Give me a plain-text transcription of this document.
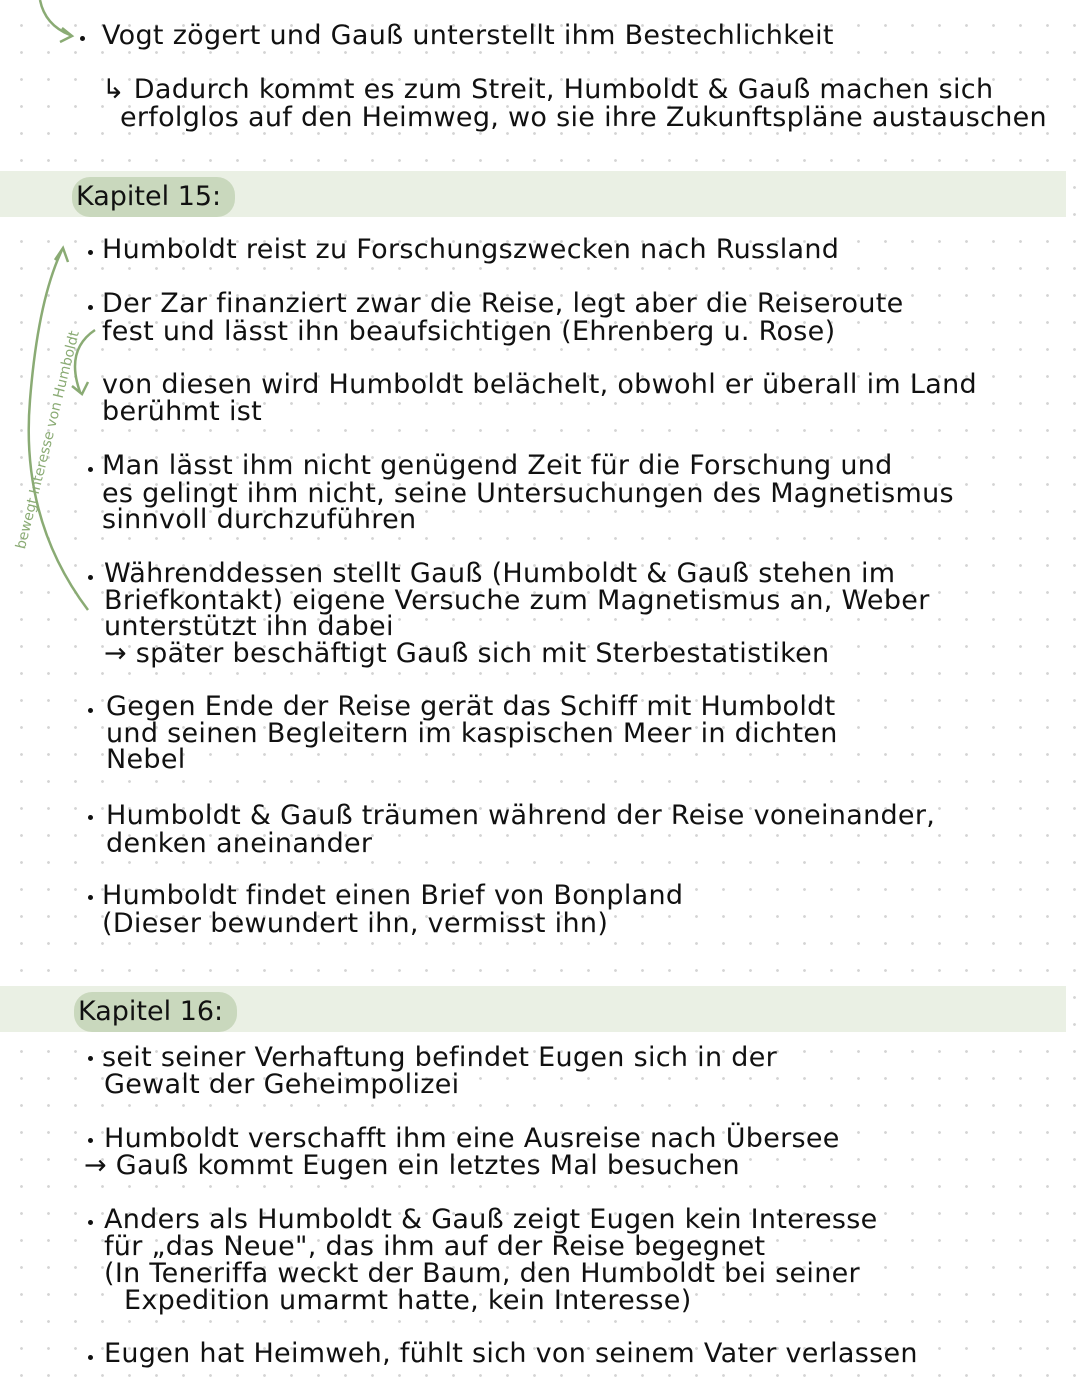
Vogt zögert und Gauß unterstellt ihm Bestechlichkeit
↳ Dadurch kommt es zum Streit, Humboldt & Gauß machen sich
erfolglos auf den Heimweg, wo sie ihre Zukunftspläne austauschen
Kapitel 15:
bewegt Interesse von Humboldt
Humboldt reist zu Forschungszwecken nach Russland
Der Zar finanziert zwar die Reise, legt aber die Reiseroute
fest und lässt ihn beaufsichtigen (Ehrenberg u. Rose)
von diesen wird Humboldt belächelt, obwohl er überall im Land
berühmt ist
Man lässt ihm nicht genügend Zeit für die Forschung und
es gelingt ihm nicht, seine Untersuchungen des Magnetismus
sinnvoll durchzuführen
Währenddessen stellt Gauß (Humboldt & Gauß stehen im
Briefkontakt) eigene Versuche zum Magnetismus an, Weber
unterstützt ihn dabei
→ später beschäftigt Gauß sich mit Sterbestatistiken
Gegen Ende der Reise gerät das Schiff mit Humboldt
und seinen Begleitern im kaspischen Meer in dichten
Nebel
Humboldt & Gauß träumen während der Reise voneinander,
denken aneinander
Humboldt findet einen Brief von Bonpland
(Dieser bewundert ihn, vermisst ihn)
Kapitel 16:
seit seiner Verhaftung befindet Eugen sich in der
Gewalt der Geheimpolizei
Humboldt verschafft ihm eine Ausreise nach Übersee
→ Gauß kommt Eugen ein letztes Mal besuchen
Anders als Humboldt & Gauß zeigt Eugen kein Interesse
für „das Neue", das ihm auf der Reise begegnet
(In Teneriffa weckt der Baum, den Humboldt bei seiner
Expedition umarmt hatte, kein Interesse)
Eugen hat Heimweh, fühlt sich von seinem Vater verlassen
